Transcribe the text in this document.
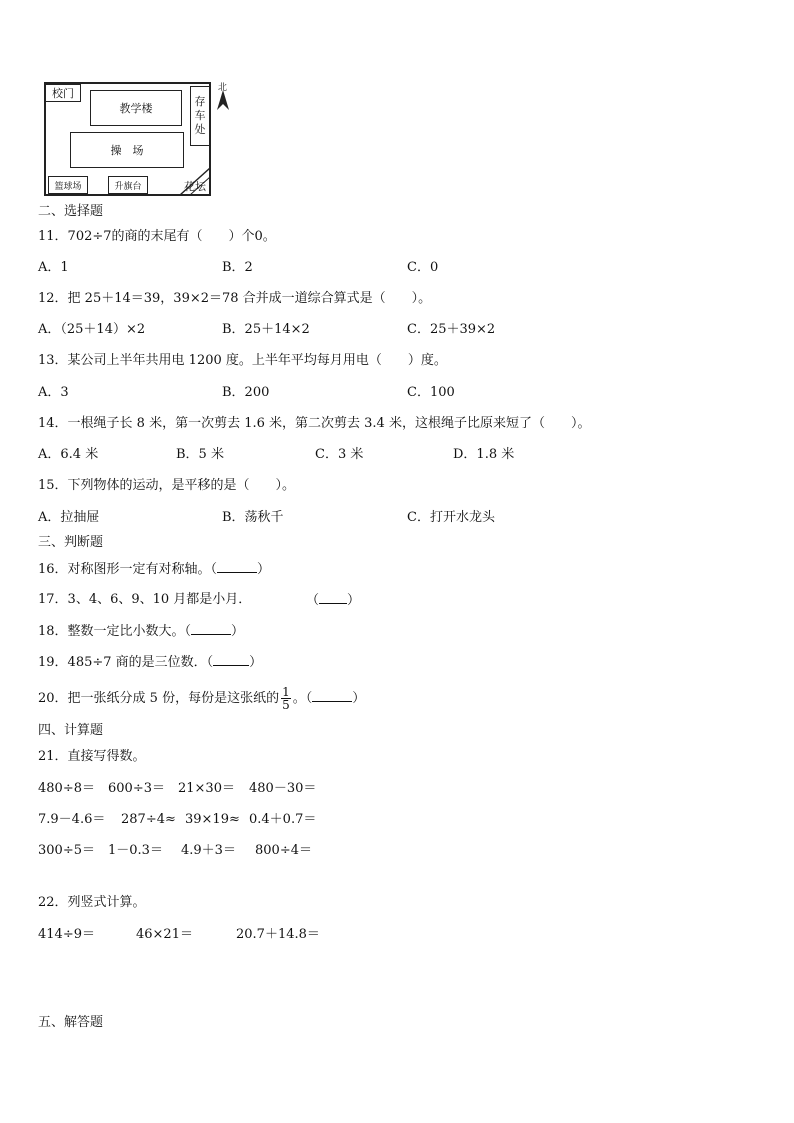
校门
教学楼
存
车
处
操　场
篮球场	升旗台	花坛
北
二、选择题
11．702÷7的商的末尾有（　　）个0。
A．1	B．2	C．0
12．把 25＋14＝39，39×2＝78 合并成一道综合算式是（　　）。
A．（25＋14）×2	B．25＋14×2	C．25＋39×2
13．某公司上半年共用电 1200 度。上半年平均每月用电（　　）度。
A．3	B．200	C．100
14．一根绳子长 8 米，第一次剪去 1.6 米，第二次剪去 3.4 米，这根绳子比原来短了（　　）。
A．6.4 米	B．5 米	C．3 米	D．1.8 米
15．下列物体的运动，是平移的是（　　）。
A．拉抽屉	B．荡秋千	C．打开水龙头
三、判断题
16．对称图形一定有对称轴。（	）
17．3、4、6、9、10 月都是小月．	（ ）
18．整数一定比小数大。（	）
19．485÷7 商的是三位数．（	）
20．把一张纸分成 5 份，每份是这张纸的 $\frac{1}{5}$ 。（	）
四、计算题
21．直接写得数。
480÷8＝ 600÷3＝ 21×30＝ 480－30＝
7.9－4.6＝ 287÷4≈ 39×19≈ 0.4＋0.7＝
300÷5＝ 1－0.3＝ 4.9＋3＝ 800÷4＝
22．列竖式计算。
414÷9＝	46×21＝	20.7＋14.8＝
五、解答题
